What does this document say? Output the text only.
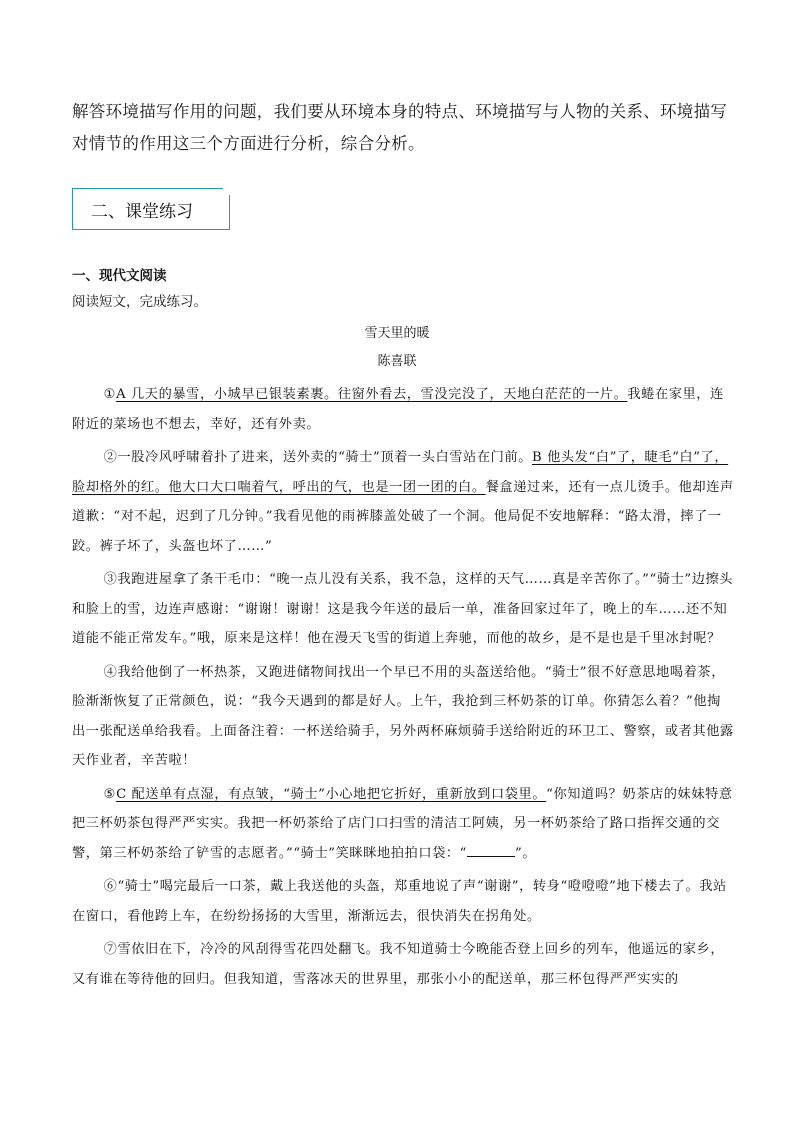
解答环境描写作用的问题，我们要从环境本身的特点、环境描写与人物的关系、环境描写对情节的作用这三个方面进行分析，综合分析。
二、课堂练习
一、现代文阅读
阅读短文，完成练习。
雪天里的暖
陈喜联

①A 几天的暴雪，小城早已银装素裹。往窗外看去，雪没完没了，天地白茫茫的一片。我蜷在家里，连附近的菜场也不想去，幸好，还有外卖。

②一股冷风呼啸着扑了进来，送外卖的“骑士”顶着一头白雪站在门前。B 他头发“白”了，睫毛“白”了，脸却格外的红。他大口大口喘着气，呼出的气，也是一团一团的白。餐盒递过来，还有一点儿烫手。他却连声道歉：“对不起，迟到了几分钟。”我看见他的雨裤膝盖处破了一个洞。他局促不安地解释：“路太滑，摔了一跤。裤子坏了，头盔也坏了……”

③我跑进屋拿了条干毛巾：“晚一点儿没有关系，我不急，这样的天气……真是辛苦你了。”“骑士”边擦头和脸上的雪，边连声感谢：“谢谢！谢谢！这是我今年送的最后一单，准备回家过年了，晚上的车……还不知道能不能正常发车。”哦，原来是这样！他在漫天飞雪的街道上奔驰，而他的故乡，是不是也是千里冰封呢？

④我给他倒了一杯热茶，又跑进储物间找出一个早已不用的头盔送给他。“骑士”很不好意思地喝着茶，脸渐渐恢复了正常颜色，说：“我今天遇到的都是好人。上午，我抢到三杯奶茶的订单。你猜怎么着？”他掏出一张配送单给我看。上面备注着：一杯送给骑手，另外两杯麻烦骑手送给附近的环卫工、警察，或者其他露天作业者，辛苦啦！

⑤C 配送单有点湿，有点皱，“骑士”小心地把它折好，重新放到口袋里。“你知道吗？奶茶店的妹妹特意把三杯奶茶包得严严实实。我把一杯奶茶给了店门口扫雪的清洁工阿姨，另一杯奶茶给了路口指挥交通的交警，第三杯奶茶给了铲雪的志愿者。”“骑士”笑眯眯地拍拍口袋：“	”。

⑥“骑士”喝完最后一口茶，戴上我送他的头盔，郑重地说了声“谢谢”，转身“噔噔噔”地下楼去了。我站在窗口，看他跨上车，在纷纷扬扬的大雪里，渐渐远去，很快消失在拐角处。

⑦雪依旧在下，冷冷的风刮得雪花四处翻飞。我不知道骑士今晚能否登上回乡的列车，他遥远的家乡，又有谁在等待他的回归。但我知道，雪落冰天的世界里，那张小小的配送单，那三杯包得严严实实的
